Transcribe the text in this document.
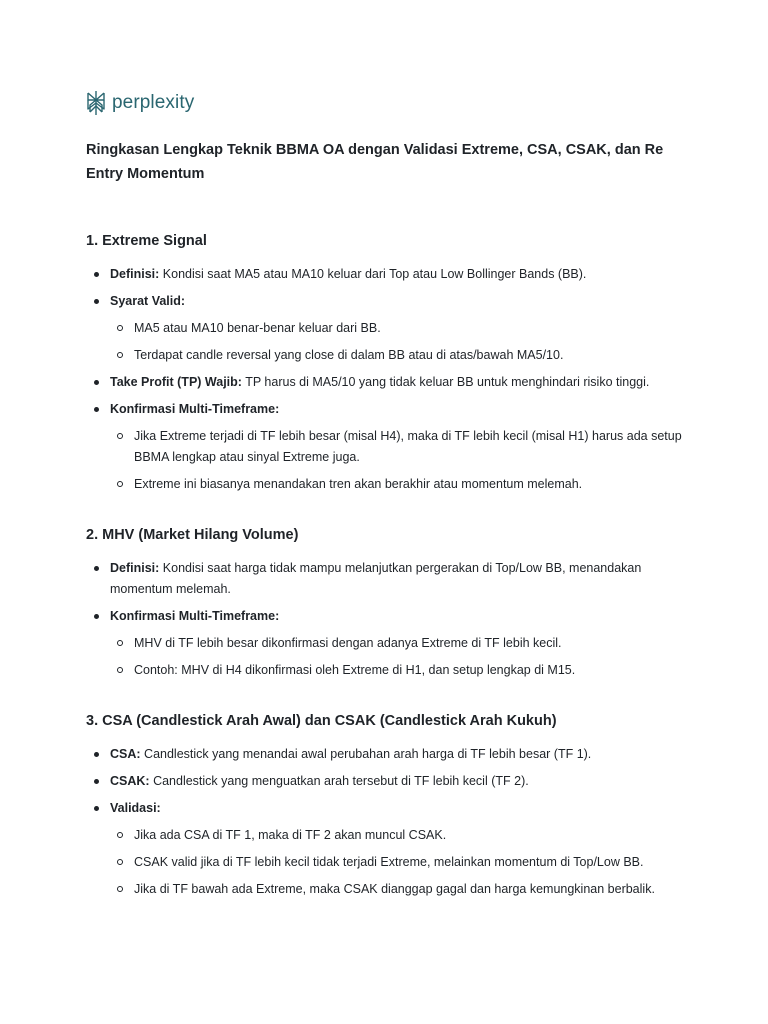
perplexity
Ringkasan Lengkap Teknik BBMA OA dengan Validasi Extreme, CSA, CSAK, dan Re Entry Momentum
1. Extreme Signal
Definisi: Kondisi saat MA5 atau MA10 keluar dari Top atau Low Bollinger Bands (BB).
Syarat Valid:
MA5 atau MA10 benar-benar keluar dari BB.
Terdapat candle reversal yang close di dalam BB atau di atas/bawah MA5/10.
Take Profit (TP) Wajib: TP harus di MA5/10 yang tidak keluar BB untuk menghindari risiko tinggi.
Konfirmasi Multi-Timeframe:
Jika Extreme terjadi di TF lebih besar (misal H4), maka di TF lebih kecil (misal H1) harus ada setup BBMA lengkap atau sinyal Extreme juga.
Extreme ini biasanya menandakan tren akan berakhir atau momentum melemah.
2. MHV (Market Hilang Volume)
Definisi: Kondisi saat harga tidak mampu melanjutkan pergerakan di Top/Low BB, menandakan momentum melemah.
Konfirmasi Multi-Timeframe:
MHV di TF lebih besar dikonfirmasi dengan adanya Extreme di TF lebih kecil.
Contoh: MHV di H4 dikonfirmasi oleh Extreme di H1, dan setup lengkap di M15.
3. CSA (Candlestick Arah Awal) dan CSAK (Candlestick Arah Kukuh)
CSA: Candlestick yang menandai awal perubahan arah harga di TF lebih besar (TF 1).
CSAK: Candlestick yang menguatkan arah tersebut di TF lebih kecil (TF 2).
Validasi:
Jika ada CSA di TF 1, maka di TF 2 akan muncul CSAK.
CSAK valid jika di TF lebih kecil tidak terjadi Extreme, melainkan momentum di Top/Low BB.
Jika di TF bawah ada Extreme, maka CSAK dianggap gagal dan harga kemungkinan berbalik.
